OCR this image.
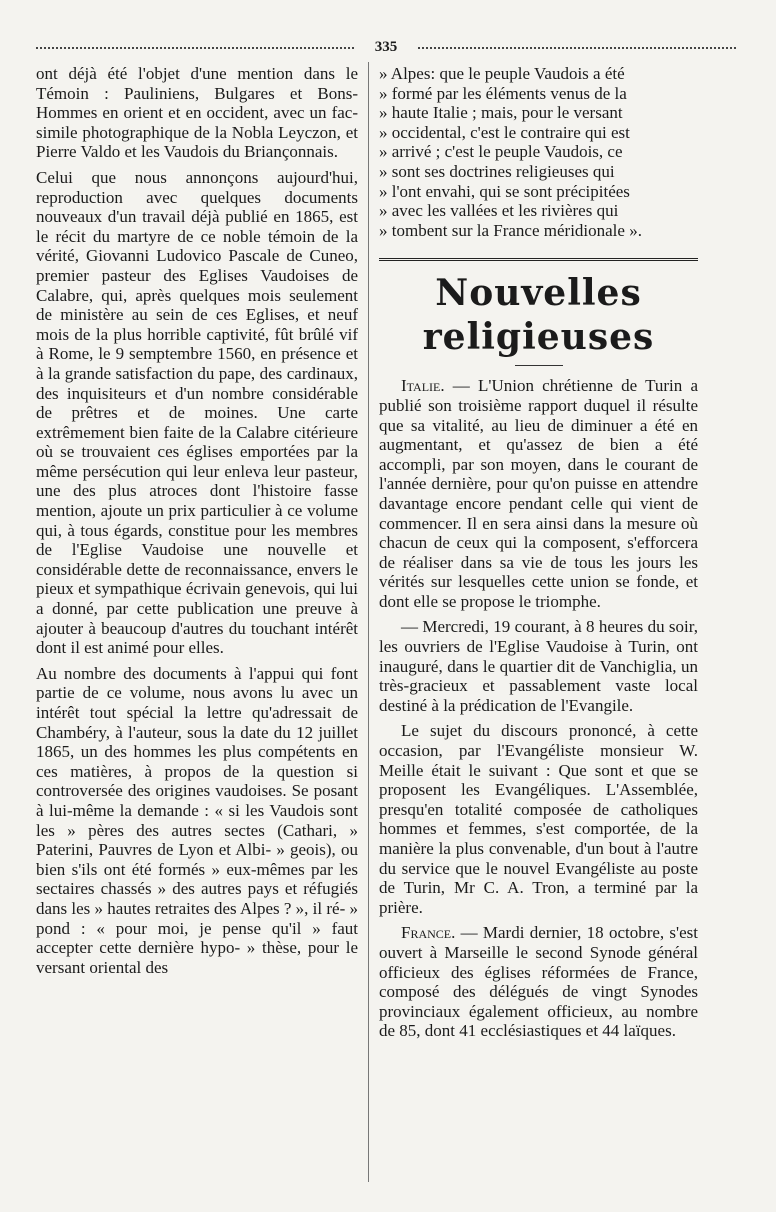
335

ont déjà été l'objet d'une mention dans le Témoin : Pauliniens, Bulgares et Bons-Hommes en orient et en occident, avec un fac-simile photographique de la Nobla Leyczon, et Pierre Valdo et les Vaudois du Briançonnais.

Celui que nous annonçons aujourd'hui, reproduction avec quelques documents nouveaux d'un travail déjà publié en 1865, est le récit du martyre de ce noble témoin de la vérité, Giovanni Ludovico Pascale de Cuneo, premier pasteur des Eglises Vaudoises de Calabre, qui, après quelques mois seulement de ministère au sein de ces Eglises, et neuf mois de la plus horrible captivité, fût brûlé vif à Rome, le 9 semptembre 1560, en présence et à la grande satisfaction du pape, des cardinaux, des inquisiteurs et d'un nombre considérable de prêtres et de moines. Une carte extrêmement bien faite de la Calabre citérieure où se trouvaient ces églises emportées par la même persécution qui leur enleva leur pasteur, une des plus atroces dont l'histoire fasse mention, ajoute un prix particulier à ce volume qui, à tous égards, constitue pour les membres de l'Eglise Vaudoise une nouvelle et considérable dette de reconnaissance, envers le pieux et sympathique écrivain genevois, qui lui a donné, par cette publication une preuve à ajouter à beaucoup d'autres du touchant intérêt dont il est animé pour elles.

Au nombre des documents à l'appui qui font partie de ce volume, nous avons lu avec un intérêt tout spécial la lettre qu'adressait de Chambéry, à l'auteur, sous la date du 12 juillet 1865, un des hommes les plus compétents en ces matières, à propos de la question si controversée des origines vaudoises. Se posant à lui-même la demande : « si les Vaudois sont les » pères des autres sectes (Cathari, » Paterini, Pauvres de Lyon et Albi- » geois), ou bien s'ils ont été formés » eux-mêmes par les sectaires chassés » des autres pays et réfugiés dans les » hautes retraites des Alpes ? », il ré- » pond : « pour moi, je pense qu'il » faut accepter cette dernière hypo- » thèse, pour le versant oriental des

» Alpes: que le peuple Vaudois a été
» formé par les éléments venus de la
» haute Italie ; mais, pour le versant
» occidental, c'est le contraire qui est
» arrivé ; c'est le peuple Vaudois, ce
» sont ses doctrines religieuses qui
» l'ont envahi, qui se sont précipitées
» avec les vallées et les rivières qui
» tombent sur la France méridionale ».
Nouvelles religieuses

Italie. — L'Union chrétienne de Turin a publié son troisième rapport duquel il résulte que sa vitalité, au lieu de diminuer a été en augmentant, et qu'assez de bien a été accompli, par son moyen, dans le courant de l'année dernière, pour qu'on puisse en attendre davantage encore pendant celle qui vient de commencer. Il en sera ainsi dans la mesure où chacun de ceux qui la composent, s'efforcera de réaliser dans sa vie de tous les jours les vérités sur lesquelles cette union se fonde, et dont elle se propose le triomphe.

— Mercredi, 19 courant, à 8 heures du soir, les ouvriers de l'Eglise Vaudoise à Turin, ont inauguré, dans le quartier dit de Vanchiglia, un très-gracieux et passablement vaste local destiné à la prédication de l'Evangile.

Le sujet du discours prononcé, à cette occasion, par l'Evangéliste monsieur W. Meille était le suivant : Que sont et que se proposent les Evangéliques. L'Assemblée, presqu'en totalité composée de catholiques hommes et femmes, s'est comportée, de la manière la plus convenable, d'un bout à l'autre du service que le nouvel Evangéliste au poste de Turin, Mr C. A. Tron, a terminé par la prière.

France. — Mardi dernier, 18 octobre, s'est ouvert à Marseille le second Synode général officieux des églises réformées de France, composé des délégués de vingt Synodes provinciaux également officieux, au nombre de 85, dont 41 ecclésiastiques et 44 laïques.
